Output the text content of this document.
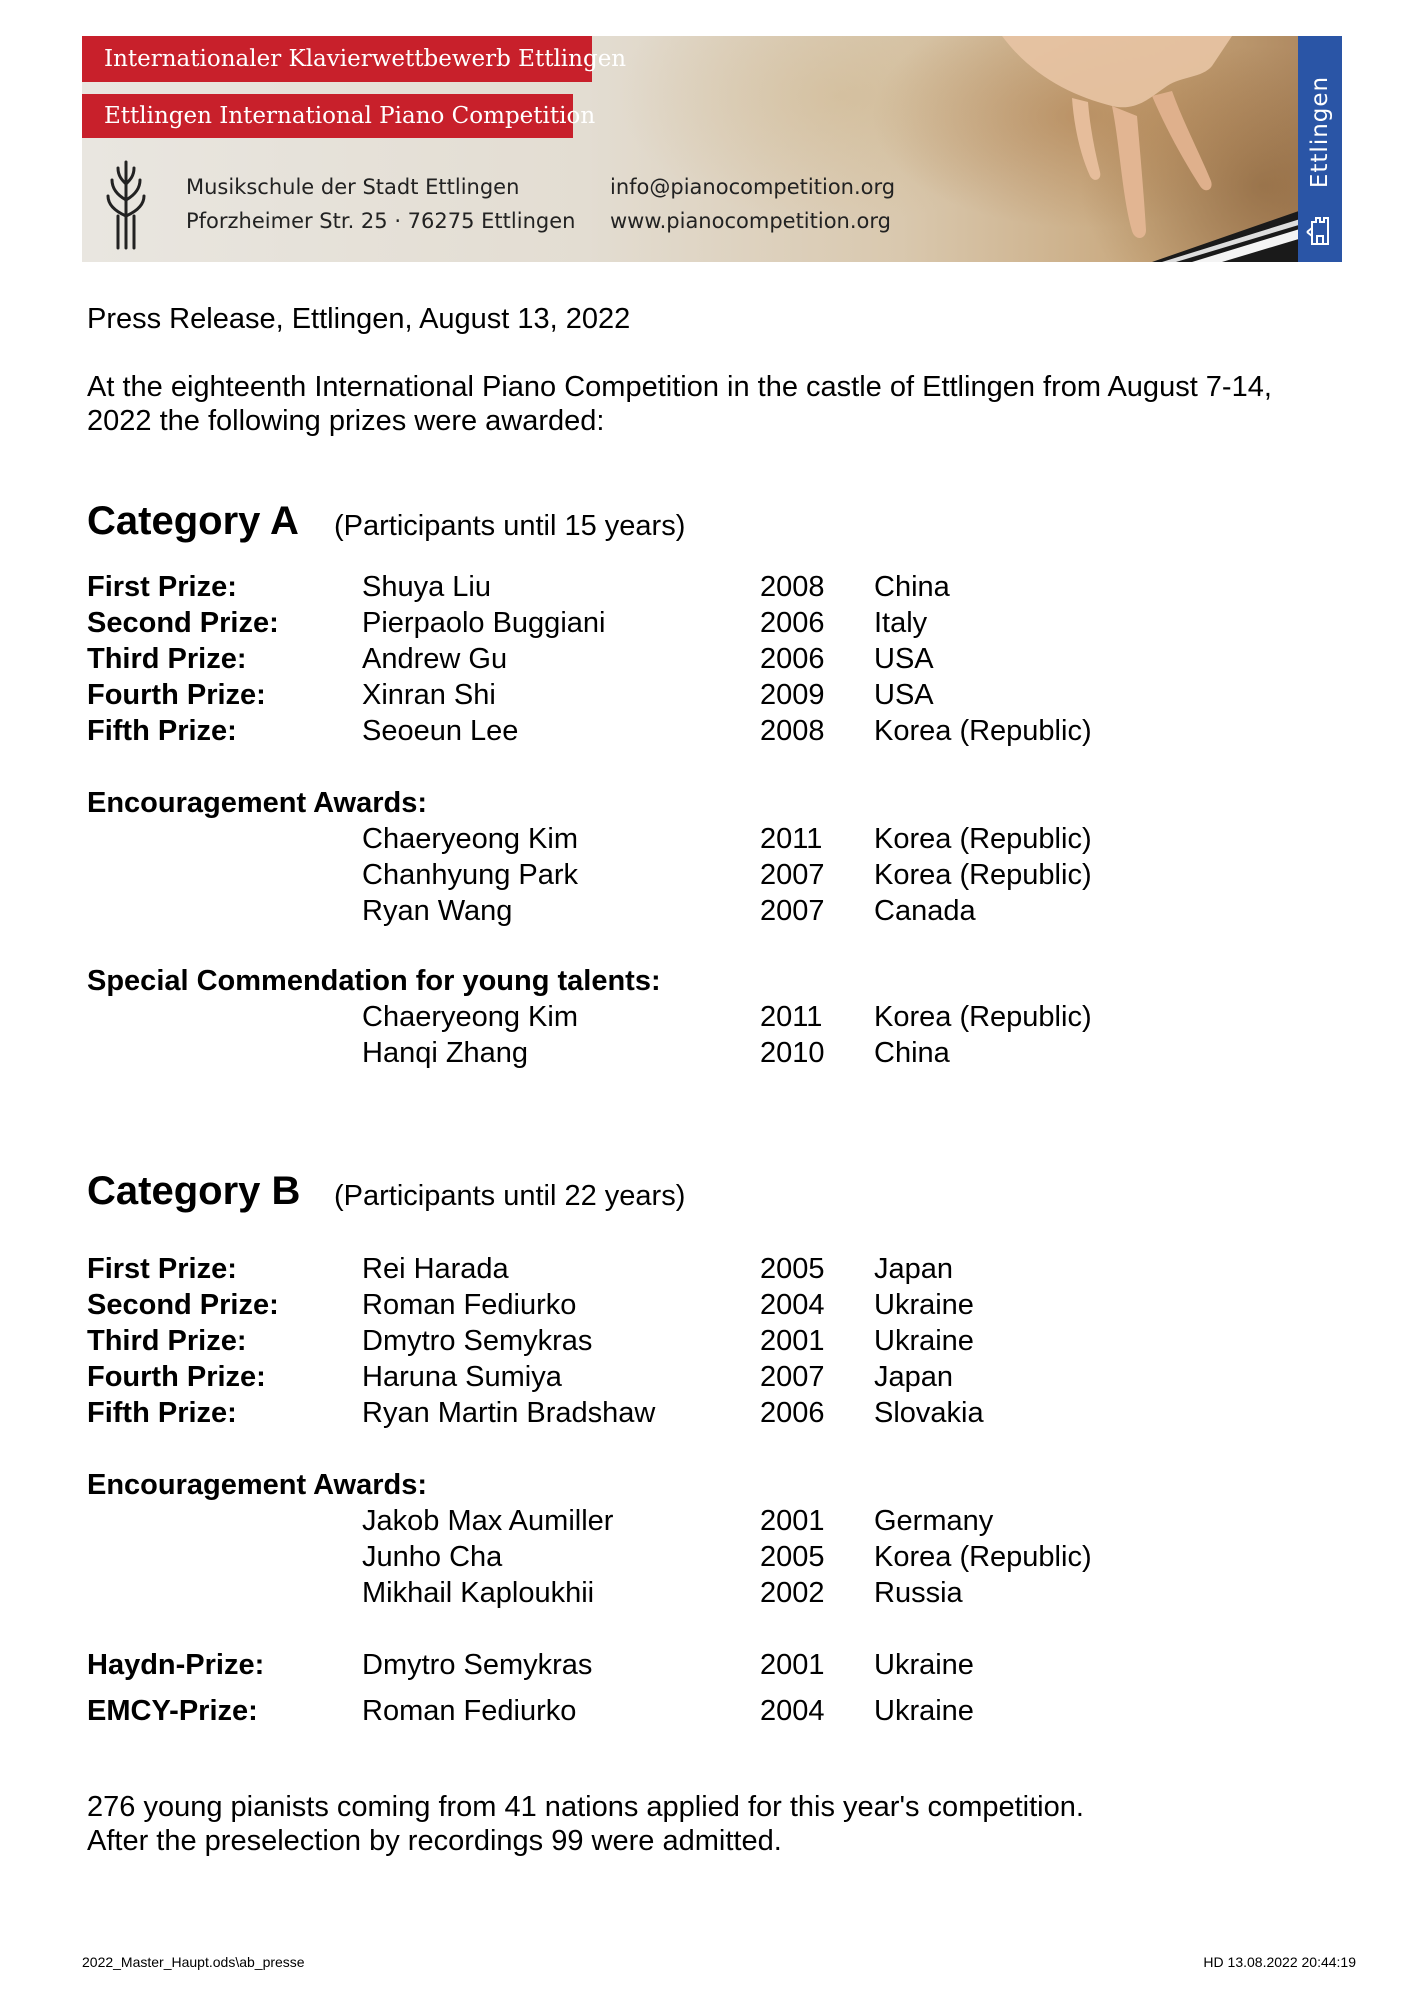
Internationaler Klavierwettbewerb Ettlingen
Ettlingen International Piano Competition
Musikschule der Stadt Ettlingen
Pforzheimer Str. 25 · 76275 Ettlingen
info@pianocompetition.org
www.pianocompetition.org
Ettlingen
Press Release, Ettlingen, August 13, 2022
At the eighteenth International Piano Competition in the castle of Ettlingen from August 7-14,
2022 the following prizes were awarded:
Category A (Participants until 15 years)
First Prize:	Shuya Liu	2008 China
Second Prize:	Pierpaolo Buggiani	2006 Italy
Third Prize:	Andrew Gu	2006 USA
Fourth Prize:	Xinran Shi	2009 USA
Fifth Prize:	Seoeun Lee	2008 Korea (Republic)
Encouragement Awards:
Chaeryeong Kim	2011 Korea (Republic)
Chanhyung Park	2007 Korea (Republic)
Ryan Wang	2007 Canada
Special Commendation for young talents:
Chaeryeong Kim	2011 Korea (Republic)
Hanqi Zhang	2010 China
Category B (Participants until 22 years)
First Prize:	Rei Harada	2005 Japan
Second Prize:	Roman Fediurko	2004 Ukraine
Third Prize:	Dmytro Semykras	2001 Ukraine
Fourth Prize:	Haruna Sumiya	2007 Japan
Fifth Prize:	Ryan Martin Bradshaw	2006 Slovakia
Encouragement Awards:
Jakob Max Aumiller	2001 Germany
Junho Cha	2005 Korea (Republic)
Mikhail Kaploukhii	2002 Russia
Haydn-Prize:	Dmytro Semykras	2001 Ukraine
EMCY-Prize:	Roman Fediurko	2004 Ukraine
276 young pianists coming from 41 nations applied for this year's competition.
After the preselection by recordings 99 were admitted.
2022_Master_Haupt.ods\ab_presse	HD 13.08.2022 20:44:19
